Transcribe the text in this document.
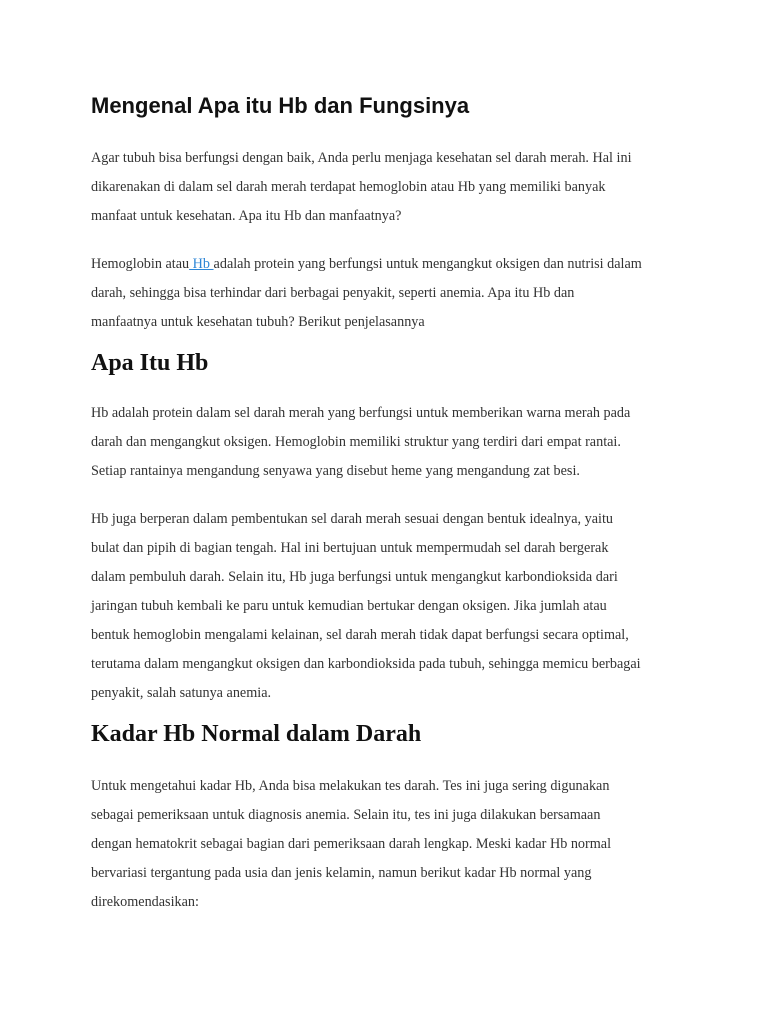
Mengenal Apa itu Hb dan Fungsinya

Agar tubuh bisa berfungsi dengan baik, Anda perlu menjaga kesehatan sel darah merah. Hal ini
dikarenakan di dalam sel darah merah terdapat hemoglobin atau Hb yang memiliki banyak
manfaat untuk kesehatan. Apa itu Hb dan manfaatnya?

Hemoglobin atau Hb adalah protein yang berfungsi untuk mengangkut oksigen dan nutrisi dalam
darah, sehingga bisa terhindar dari berbagai penyakit, seperti anemia. Apa itu Hb dan
manfaatnya untuk kesehatan tubuh? Berikut penjelasannya

Apa Itu Hb

Hb adalah protein dalam sel darah merah yang berfungsi untuk memberikan warna merah pada
darah dan mengangkut oksigen. Hemoglobin memiliki struktur yang terdiri dari empat rantai.
Setiap rantainya mengandung senyawa yang disebut heme yang mengandung zat besi.

Hb juga berperan dalam pembentukan sel darah merah sesuai dengan bentuk idealnya, yaitu
bulat dan pipih di bagian tengah. Hal ini bertujuan untuk mempermudah sel darah bergerak
dalam pembuluh darah. Selain itu, Hb juga berfungsi untuk mengangkut karbondioksida dari
jaringan tubuh kembali ke paru untuk kemudian bertukar dengan oksigen. Jika jumlah atau
bentuk hemoglobin mengalami kelainan, sel darah merah tidak dapat berfungsi secara optimal,
terutama dalam mengangkut oksigen dan karbondioksida pada tubuh, sehingga memicu berbagai
penyakit, salah satunya anemia.

Kadar Hb Normal dalam Darah

Untuk mengetahui kadar Hb, Anda bisa melakukan tes darah. Tes ini juga sering digunakan
sebagai pemeriksaan untuk diagnosis anemia. Selain itu, tes ini juga dilakukan bersamaan
dengan hematokrit sebagai bagian dari pemeriksaan darah lengkap. Meski kadar Hb normal
bervariasi tergantung pada usia dan jenis kelamin, namun berikut kadar Hb normal yang
direkomendasikan:
